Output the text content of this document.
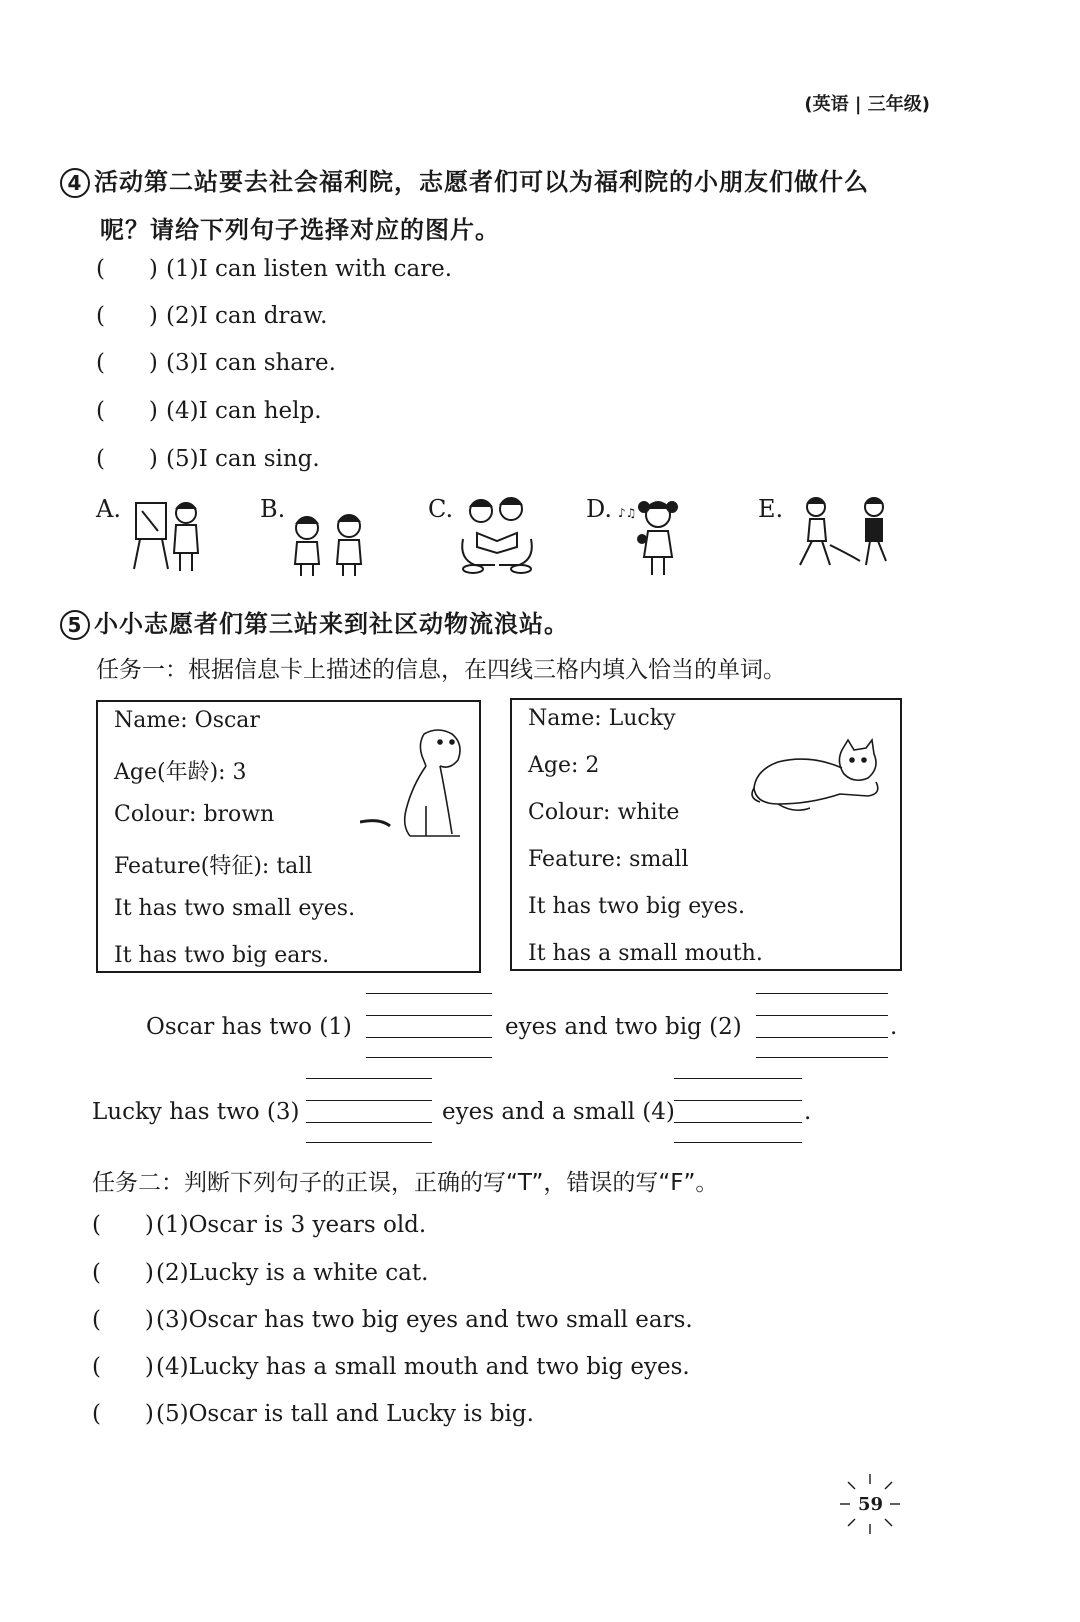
(英语 | 三年级)
4 活动第二站要去社会福利院，志愿者们可以为福利院的小朋友们做什么
呢？请给下列句子选择对应的图片。
(      ) (1)I can listen with care.
(      ) (2)I can draw.
(      ) (3)I can share.
(      ) (4)I can help.
(      ) (5)I can sing.
A.	B.	C.	D. ♪♫	E.
5 小小志愿者们第三站来到社区动物流浪站。
任务一：根据信息卡上描述的信息，在四线三格内填入恰当的单词。
Name: Oscar
Age(年龄): 3
Colour: brown
Feature(特征): tall
It has two small eyes.
It has two big ears.
Name: Lucky
Age: 2
Colour: white
Feature: small
It has two big eyes.
It has a small mouth.
Oscar has two (1)	eyes and two big (2)	.
Lucky has two (3)	eyes and a small (4)	.
任务二：判断下列句子的正误，正确的写“T”，错误的写“F”。
(      )(1)Oscar is 3 years old.
(      )(2)Lucky is a white cat.
(      )(3)Oscar has two big eyes and two small ears.
(      )(4)Lucky has a small mouth and two big eyes.
(      )(5)Oscar is tall and Lucky is big.
59
